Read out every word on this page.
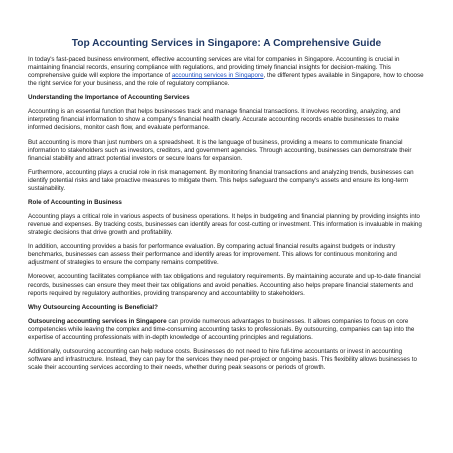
Top Accounting Services in Singapore: A Comprehensive Guide

In today's fast-paced business environment, effective accounting services are vital for companies in Singapore. Accounting is crucial in maintaining financial records, ensuring compliance with regulations, and providing timely financial insights for decision-making. This comprehensive guide will explore the importance of accounting services in Singapore, the different types available in Singapore, how to choose the right service for your business, and the role of regulatory compliance.

Understanding the Importance of Accounting Services

Accounting is an essential function that helps businesses track and manage financial transactions. It involves recording, analyzing, and interpreting financial information to show a company's financial health clearly. Accurate accounting records enable businesses to make informed decisions, monitor cash flow, and evaluate performance.

But accounting is more than just numbers on a spreadsheet. It is the language of business, providing a means to communicate financial information to stakeholders such as investors, creditors, and government agencies. Through accounting, businesses can demonstrate their financial stability and attract potential investors or secure loans for expansion.

Furthermore, accounting plays a crucial role in risk management. By monitoring financial transactions and analyzing trends, businesses can identify potential risks and take proactive measures to mitigate them. This helps safeguard the company's assets and ensure its long-term sustainability.

Role of Accounting in Business

Accounting plays a critical role in various aspects of business operations. It helps in budgeting and financial planning by providing insights into revenue and expenses. By tracking costs, businesses can identify areas for cost-cutting or investment. This information is invaluable in making strategic decisions that drive growth and profitability.

In addition, accounting provides a basis for performance evaluation. By comparing actual financial results against budgets or industry benchmarks, businesses can assess their performance and identify areas for improvement. This allows for continuous monitoring and adjustment of strategies to ensure the company remains competitive.

Moreover, accounting facilitates compliance with tax obligations and regulatory requirements. By maintaining accurate and up-to-date financial records, businesses can ensure they meet their tax obligations and avoid penalties. Accounting also helps prepare financial statements and reports required by regulatory authorities, providing transparency and accountability to stakeholders.

Why Outsourcing Accounting is Beneficial?

Outsourcing accounting services in Singapore can provide numerous advantages to businesses. It allows companies to focus on core competencies while leaving the complex and time-consuming accounting tasks to professionals. By outsourcing, companies can tap into the expertise of accounting professionals with in-depth knowledge of accounting principles and regulations.

Additionally, outsourcing accounting can help reduce costs. Businesses do not need to hire full-time accountants or invest in accounting software and infrastructure. Instead, they can pay for the services they need per-project or ongoing basis. This flexibility allows businesses to scale their accounting services according to their needs, whether during peak seasons or periods of growth.
